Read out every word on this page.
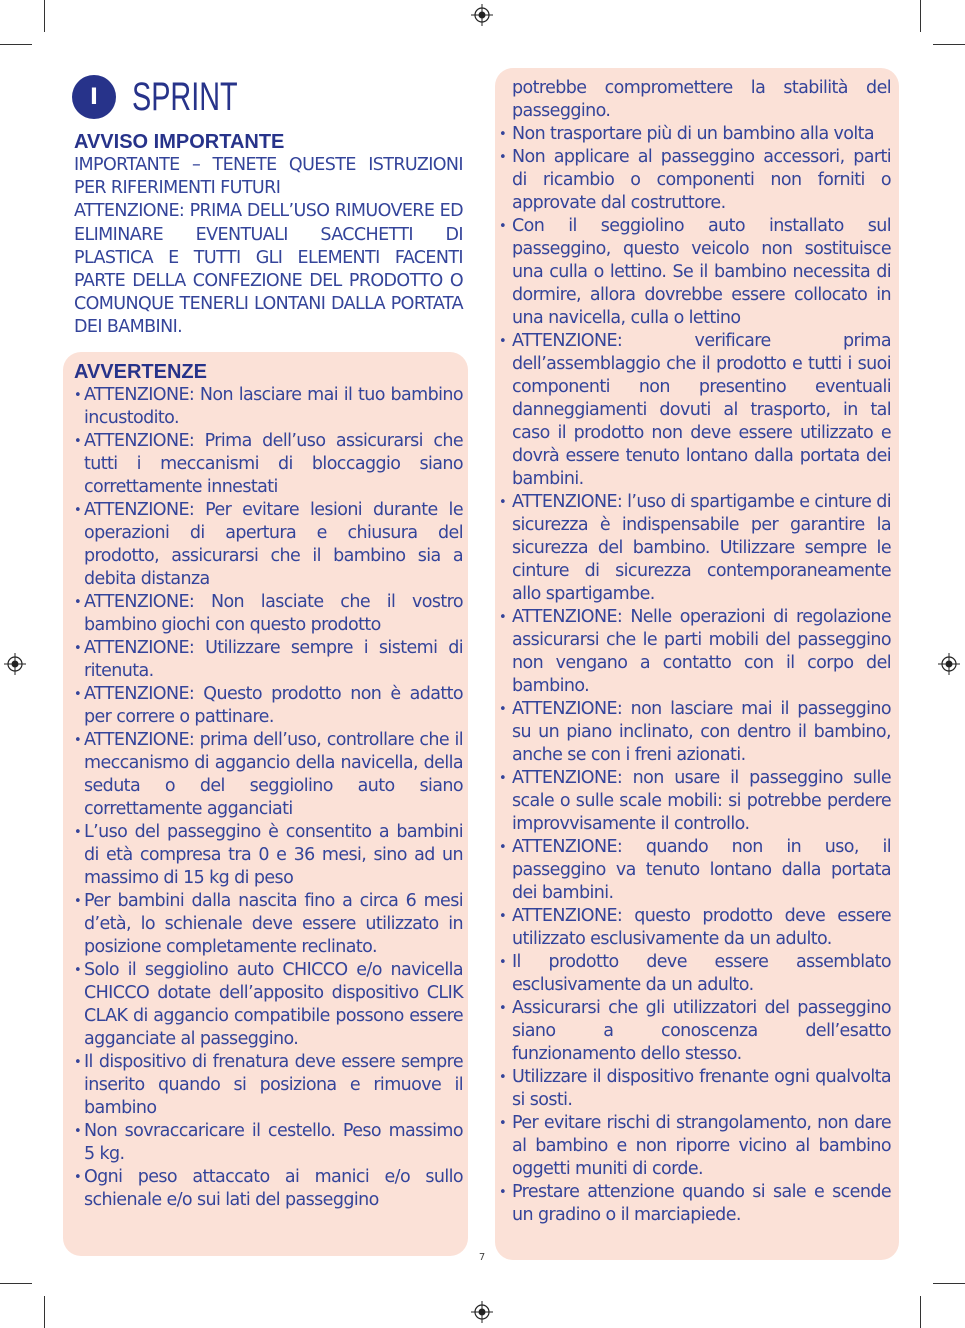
I SPRINT
AVVISO IMPORTANTE

IMPORTANTE – TENETE QUESTE ISTRUZIONI PER RIFERIMENTI FUTURI

ATTENZIONE: PRIMA DELL’USO RIMUOVERE ED ELIMINARE EVENTUALI SACCHETTI DI PLASTICA E TUTTI GLI ELEMENTI FACENTI PARTE DELLA CONFEZIONE DEL PRODOTTO O COMUNQUE TENERLI LONTANI DALLA PORTATA DEI BAMBINI.

AVVERTENZE
• ATTENZIONE: Non lasciare mai il tuo bambino incustodito.
• ATTENZIONE: Prima dell’uso assicurarsi che tutti i meccanismi di bloccaggio siano correttamente innestati
• ATTENZIONE: Per evitare lesioni durante le operazioni di apertura e chiusura del prodotto, assicurarsi che il bambino sia a debita distanza
• ATTENZIONE: Non lasciate che il vostro bambino giochi con questo prodotto
• ATTENZIONE: Utilizzare sempre i sistemi di ritenuta.
• ATTENZIONE: Questo prodotto non è adatto per correre o pattinare.
• ATTENZIONE: prima dell’uso, controllare che il meccanismo di aggancio della navicella, della seduta o del seggiolino auto siano correttamente agganciati
• L’uso del passeggino è consentito a bambini di età compresa tra 0 e 36 mesi, sino ad un massimo di 15 kg di peso
• Per bambini dalla nascita fino a circa 6 mesi d’età, lo schienale deve essere utilizzato in posizione completamente reclinato.
• Solo il seggiolino auto CHICCO e/o navicella CHICCO dotate dell’apposito dispositivo CLIK CLAK di aggancio compatibile possono essere agganciate al passeggino.
• Il dispositivo di frenatura deve essere sempre inserito quando si posiziona e rimuove il bambino
• Non sovraccaricare il cestello. Peso massimo 5 kg.
• Ogni peso attaccato ai manici e/o sullo schienale e/o sui lati del passeggino
potrebbe compromettere la stabilità del passeggino.
• Non trasportare più di un bambino alla volta
• Non applicare al passeggino accessori, parti di ricambio o componenti non forniti o approvate dal costruttore.
• Con il seggiolino auto installato sul passeggino, questo veicolo non sostituisce una culla o lettino. Se il bambino necessita di dormire, allora dovrebbe essere collocato in una navicella, culla o lettino
• ATTENZIONE: verificare prima dell’assemblaggio che il prodotto e tutti i suoi componenti non presentino eventuali danneggiamenti dovuti al trasporto, in tal caso il prodotto non deve essere utilizzato e dovrà essere tenuto lontano dalla portata dei bambini.
• ATTENZIONE: l’uso di spartigambe e cinture di sicurezza è indispensabile per garantire la sicurezza del bambino. Utilizzare sempre le cinture di sicurezza contemporaneamente allo spartigambe.
• ATTENZIONE: Nelle operazioni di regolazione assicurarsi che le parti mobili del passeggino non vengano a contatto con il corpo del bambino.
• ATTENZIONE: non lasciare mai il passeggino su un piano inclinato, con dentro il bambino, anche se con i freni azionati.
• ATTENZIONE: non usare il passeggino sulle scale o sulle scale mobili: si potrebbe perdere improvvisamente il controllo.
• ATTENZIONE: quando non in uso, il passeggino va tenuto lontano dalla portata dei bambini.
• ATTENZIONE: questo prodotto deve essere utilizzato esclusivamente da un adulto.
• Il prodotto deve essere assemblato esclusivamente da un adulto.
• Assicurarsi che gli utilizzatori del passeggino siano a conoscenza dell’esatto funzionamento dello stesso.
• Utilizzare il dispositivo frenante ogni qualvolta si sosti.
• Per evitare rischi di strangolamento, non dare al bambino e non riporre vicino al bambino oggetti muniti di corde.
• Prestare attenzione quando si sale e scende un gradino o il marciapiede.
7
